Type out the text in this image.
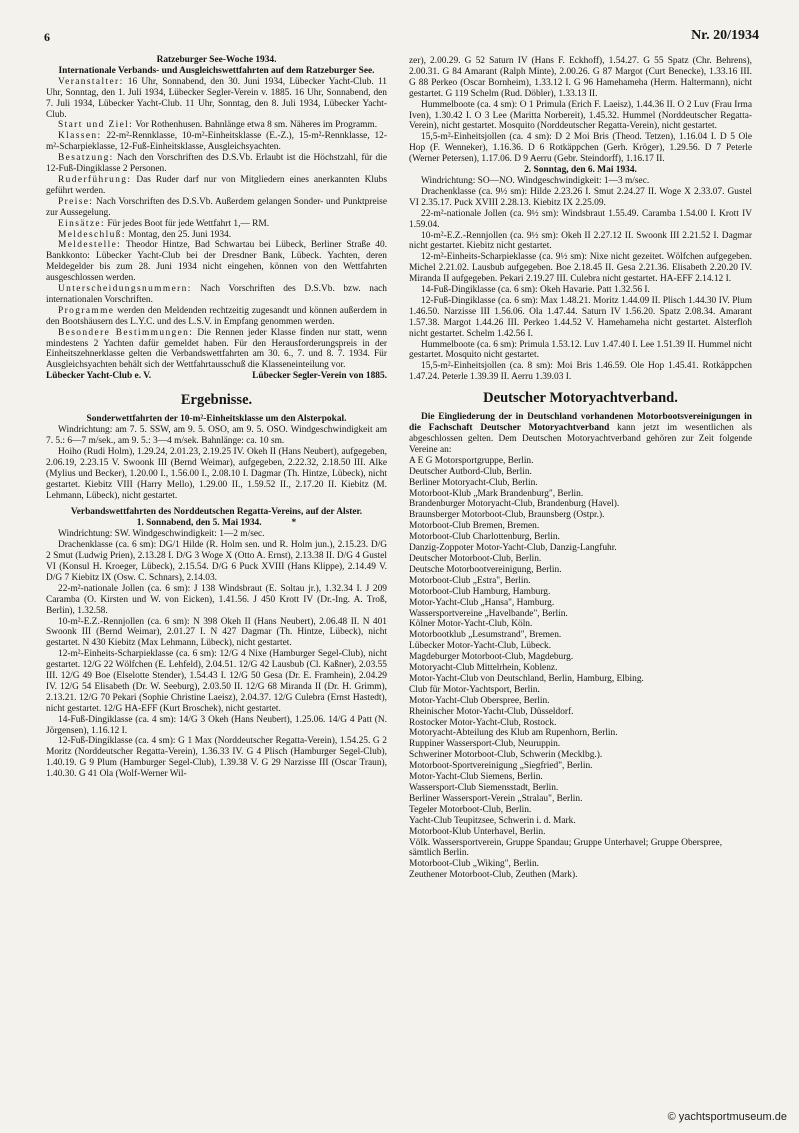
6	Nr. 20/1934

Ratzeburger See-Woche 1934.

Internationale Verbands- und Ausgleichswettfahrten auf dem Ratzeburger See.

Veranstalter: 16 Uhr, Sonnabend, den 30. Juni 1934, Lübecker Yacht-Club. 11 Uhr, Sonntag, den 1. Juli 1934, Lübecker Segler-Verein v. 1885. 16 Uhr, Sonnabend, den 7. Juli 1934, Lübecker Yacht-Club. 11 Uhr, Sonntag, den 8. Juli 1934, Lübecker Yacht-Club.

Start und Ziel: Vor Rothenhusen. Bahnlänge etwa 8 sm. Näheres im Programm.

Klassen: 22-m²-Rennklasse, 10-m²-Einheitsklasse (E.-Z.), 15-m²-Rennklasse, 12-m²-Scharpieklasse, 12-Fuß-Einheitsklasse, Ausgleichsyachten.

Besatzung: Nach den Vorschriften des D.S.Vb. Erlaubt ist die Höchstzahl, für die 12-Fuß-Dingiklasse 2 Personen.

Ruderführung: Das Ruder darf nur von Mitgliedern eines anerkannten Klubs geführt werden.

Preise: Nach Vorschriften des D.S.Vb. Außerdem gelangen Sonder- und Punktpreise zur Aussegelung.

Einsätze: Für jedes Boot für jede Wettfahrt 1,— RM.

Meldeschluß: Montag, den 25. Juni 1934.

Meldestelle: Theodor Hintze, Bad Schwartau bei Lübeck, Berliner Straße 40. Bankkonto: Lübecker Yacht-Club bei der Dresdner Bank, Lübeck. Yachten, deren Meldegelder bis zum 28. Juni 1934 nicht eingehen, können von den Wettfahrten ausgeschlossen werden.

Unterscheidungsnummern: Nach Vorschriften des D.S.Vb. bzw. nach internationalen Vorschriften.

Programme werden den Meldenden rechtzeitig zugesandt und können außerdem in den Bootshäusern des L.Y.C. und des L.S.V. in Empfang genommen werden.

Besondere Bestimmungen: Die Rennen jeder Klasse finden nur statt, wenn mindestens 2 Yachten dafür gemeldet haben. Für den Herausforderungspreis in der Einheitszehnerklasse gelten die Verbandswettfahrten am 30. 6., 7. und 8. 7. 1934. Für Ausgleichsyachten behält sich der Wettfahrtausschuß die Klasseneinteilung vor.

Lübecker Yacht-Club e. V.	Lübecker Segler-Verein von 1885.
Ergebnisse.

Sonderwettfahrten der 10-m²-Einheitsklasse um den Alsterpokal.

Windrichtung: am 7. 5. SSW, am 9. 5. OSO, am 9. 5. OSO. Windgeschwindigkeit am 7. 5.: 6—7 m/sek., am 9. 5.: 3—4 m/sek. Bahnlänge: ca. 10 sm.

Hoiho (Rudi Holm), 1.29.24, 2.01.23, 2.19.25 IV. Okeh II (Hans Neubert), aufgegeben, 2.06.19, 2.23.15 V. Swoonk III (Bernd Weimar), aufgegeben, 2.22.32, 2.18.50 III. Alke (Mylius und Becker), 1.20.00 I., 1.56.00 I., 2.08.10 I. Dagmar (Th. Hintze, Lübeck), nicht gestartet. Kiebitz VIII (Harry Mello), 1.29.00 II., 1.59.52 II., 2.17.20 II. Kiebitz (M. Lehmann, Lübeck), nicht gestartet.

Verbandswettfahrten des Norddeutschen Regatta-Vereins, auf der Alster.

1. Sonnabend, den 5. Mai 1934.	*

Windrichtung: SW. Windgeschwindigkeit: 1—2 m/sec.

Drachenklasse (ca. 6 sm): DG/1 Hilde (R. Holm sen. und R. Holm jun.), 2.15.23. D/G 2 Smut (Ludwig Prien), 2.13.28 I. D/G 3 Woge X (Otto A. Ernst), 2.13.38 II. D/G 4 Gustel VI (Konsul H. Kroeger, Lübeck), 2.15.54. D/G 6 Puck XVIII (Hans Klippe), 2.14.49 V. D/G 7 Kiebitz IX (Osw. C. Schnars), 2.14.03.

22-m²-nationale Jollen (ca. 6 sm): J 138 Windsbraut (E. Soltau jr.), 1.32.34 I. J 209 Caramba (O. Kirsten und W. von Eicken), 1.41.56. J 450 Krott IV (Dr.-Ing. A. Troß, Berlin), 1.32.58.

10-m²-E.Z.-Rennjollen (ca. 6 sm): N 398 Okeh II (Hans Neubert), 2.06.48 II. N 401 Swoonk III (Bernd Weimar), 2.01.27 I. N 427 Dagmar (Th. Hintze, Lübeck), nicht gestartet. N 430 Kiebitz (Max Lehmann, Lübeck), nicht gestartet.

12-m²-Einheits-Scharpieklasse (ca. 6 sm): 12/G 4 Nixe (Hamburger Segel-Club), nicht gestartet. 12/G 22 Wölfchen (E. Lehfeld), 2.04.51. 12/G 42 Lausbub (Cl. Kaßner), 2.03.55 III. 12/G 49 Boe (Elselotte Stender), 1.54.43 I. 12/G 50 Gesa (Dr. E. Framhein), 2.04.29 IV. 12/G 54 Elisabeth (Dr. W. Seeburg), 2.03.50 II. 12/G 68 Miranda II (Dr. H. Grimm), 2.13.21. 12/G 70 Pekari (Sophie Christine Laeisz), 2.04.37. 12/G Culebra (Ernst Hastedt), nicht gestartet. 12/G HA-EFF (Kurt Broschek), nicht gestartet.

14-Fuß-Dingiklasse (ca. 4 sm): 14/G 3 Okeh (Hans Neubert), 1.25.06. 14/G 4 Patt (N. Jörgensen), 1.16.12 I.

12-Fuß-Dingiklasse (ca. 4 sm): G 1 Max (Norddeutscher Regatta-Verein), 1.54.25. G 2 Moritz (Norddeutscher Regatta-Verein), 1.36.33 IV. G 4 Plisch (Hamburger Segel-Club), 1.40.19. G 9 Plum (Hamburger Segel-Club), 1.39.38 V. G 29 Narzisse III (Oscar Traun), 1.40.30. G 41 Ola (Wolf-Werner Wil-

zer), 2.00.29. G 52 Saturn IV (Hans F. Eckhoff), 1.54.27. G 55 Spatz (Chr. Behrens), 2.00.31. G 84 Amarant (Ralph Minte), 2.00.26. G 87 Margot (Curt Benecke), 1.33.16 III. G 88 Perkeo (Oscar Bornheim), 1.33.12 I. G 96 Hamehameha (Herm. Haltermann), nicht gestartet. G 119 Schelm (Rud. Döbler), 1.33.13 II.

Hummelboote (ca. 4 sm): O 1 Primula (Erich F. Laeisz), 1.44.36 II. O 2 Luv (Frau Irma Iven), 1.30.42 I. O 3 Lee (Maritta Norbereit), 1.45.32. Hummel (Norddeutscher Regatta-Verein), nicht gestartet. Mosquito (Norddeutscher Regatta-Verein), nicht gestartet.

15,5-m²-Einheitsjollen (ca. 4 sm): D 2 Moi Bris (Theod. Tetzen), 1.16.04 I. D 5 Ole Hop (F. Wenneker), 1.16.36. D 6 Rotkäppchen (Gerh. Kröger), 1.29.56. D 7 Peterle (Werner Petersen), 1.17.06. D 9 Aerru (Gebr. Steindorff), 1.16.17 II.

2. Sonntag, den 6. Mai 1934.

Windrichtung: SO—NO. Windgeschwindigkeit: 1—3 m/sec.

Drachenklasse (ca. 9½ sm): Hilde 2.23.26 I. Smut 2.24.27 II. Woge X 2.33.07. Gustel VI 2.35.17. Puck XVIII 2.28.13. Kiebitz IX 2.25.09.

22-m²-nationale Jollen (ca. 9½ sm): Windsbraut 1.55.49. Caramba 1.54.00 I. Krott IV 1.59.04.

10-m²-E.Z.-Rennjollen (ca. 9½ sm): Okeh II 2.27.12 II. Swoonk III 2.21.52 I. Dagmar nicht gestartet. Kiebitz nicht gestartet.

12-m²-Einheits-Scharpieklasse (ca. 9½ sm): Nixe nicht gezeitet. Wölfchen aufgegeben. Michel 2.21.02. Lausbub aufgegeben. Boe 2.18.45 II. Gesa 2.21.36. Elisabeth 2.20.20 IV. Miranda II aufgegeben. Pekari 2.19.27 III. Culebra nicht gestartet. HA-EFF 2.14.12 I.

14-Fuß-Dingiklasse (ca. 6 sm): Okeh Havarie. Patt 1.32.56 I.

12-Fuß-Dingiklasse (ca. 6 sm): Max 1.48.21. Moritz 1.44.09 II. Plisch 1.44.30 IV. Plum 1.46.50. Narzisse III 1.56.06. Ola 1.47.44. Saturn IV 1.56.20. Spatz 2.08.34. Amarant 1.57.38. Margot 1.44.26 III. Perkeo 1.44.52 V. Hamehameha nicht gestartet. Alsterfloh nicht gestartet. Schelm 1.42.56 I.

Hummelboote (ca. 6 sm): Primula 1.53.12. Luv 1.47.40 I. Lee 1.51.39 II. Hummel nicht gestartet. Mosquito nicht gestartet.

15,5-m²-Einheitsjollen (ca. 8 sm): Moi Bris 1.46.59. Ole Hop 1.45.41. Rotkäppchen 1.47.24. Peterle 1.39.39 II. Aerru 1.39.03 I.

Deutscher Motoryachtverband.

Die Eingliederung der in Deutschland vorhandenen Motorbootsvereinigungen in die Fachschaft Deutscher Motoryachtverband kann jetzt im wesentlichen als abgeschlossen gelten. Dem Deutschen Motoryachtverband gehören zur Zeit folgende Vereine an:

A E G Motorsportgruppe, Berlin.

Deutscher Autbord-Club, Berlin.

Berliner Motoryacht-Club, Berlin.

Motorboot-Klub „Mark Brandenburg", Berlin.

Brandenburger Motoryacht-Club, Brandenburg (Havel).

Braunsberger Motorboot-Club, Braunsberg (Ostpr.).

Motorboot-Club Bremen, Bremen.

Motorboot-Club Charlottenburg, Berlin.

Danzig-Zoppoter Motor-Yacht-Club, Danzig-Langfuhr.

Deutscher Motorboot-Club, Berlin.

Deutsche Motorbootvereinigung, Berlin.

Motorboot-Club „Estra", Berlin.

Motorboot-Club Hamburg, Hamburg.

Motor-Yacht-Club „Hansa", Hamburg.

Wassersportvereine „Havelbande", Berlin.

Kölner Motor-Yacht-Club, Köln.

Motorbootklub „Lesumstrand", Bremen.

Lübecker Motor-Yacht-Club, Lübeck.

Magdeburger Motorboot-Club, Magdeburg.

Motoryacht-Club Mittelrhein, Koblenz.

Motor-Yacht-Club von Deutschland, Berlin, Hamburg, Elbing.

Club für Motor-Yachtsport, Berlin.

Motor-Yacht-Club Oberspree, Berlin.

Rheinischer Motor-Yacht-Club, Düsseldorf.

Rostocker Motor-Yacht-Club, Rostock.

Motoryacht-Abteilung des Klub am Rupenhorn, Berlin.

Ruppiner Wassersport-Club, Neuruppin.

Schweriner Motorboot-Club, Schwerin (Mecklbg.).

Motorboot-Sportvereinigung „Siegfried", Berlin.

Motor-Yacht-Club Siemens, Berlin.

Wassersport-Club Siemensstadt, Berlin.

Berliner Wassersport-Verein „Stralau", Berlin.

Tegeler Motorboot-Club, Berlin.

Yacht-Club Teupitzsee, Schwerin i. d. Mark.

Motorboot-Klub Unterhavel, Berlin.

Völk. Wassersportverein, Gruppe Spandau; Gruppe Unterhavel; Gruppe Oberspree, sämtlich Berlin.

Motorboot-Club „Wiking", Berlin.

Zeuthener Motorboot-Club, Zeuthen (Mark).

© yachtsportmuseum.de
